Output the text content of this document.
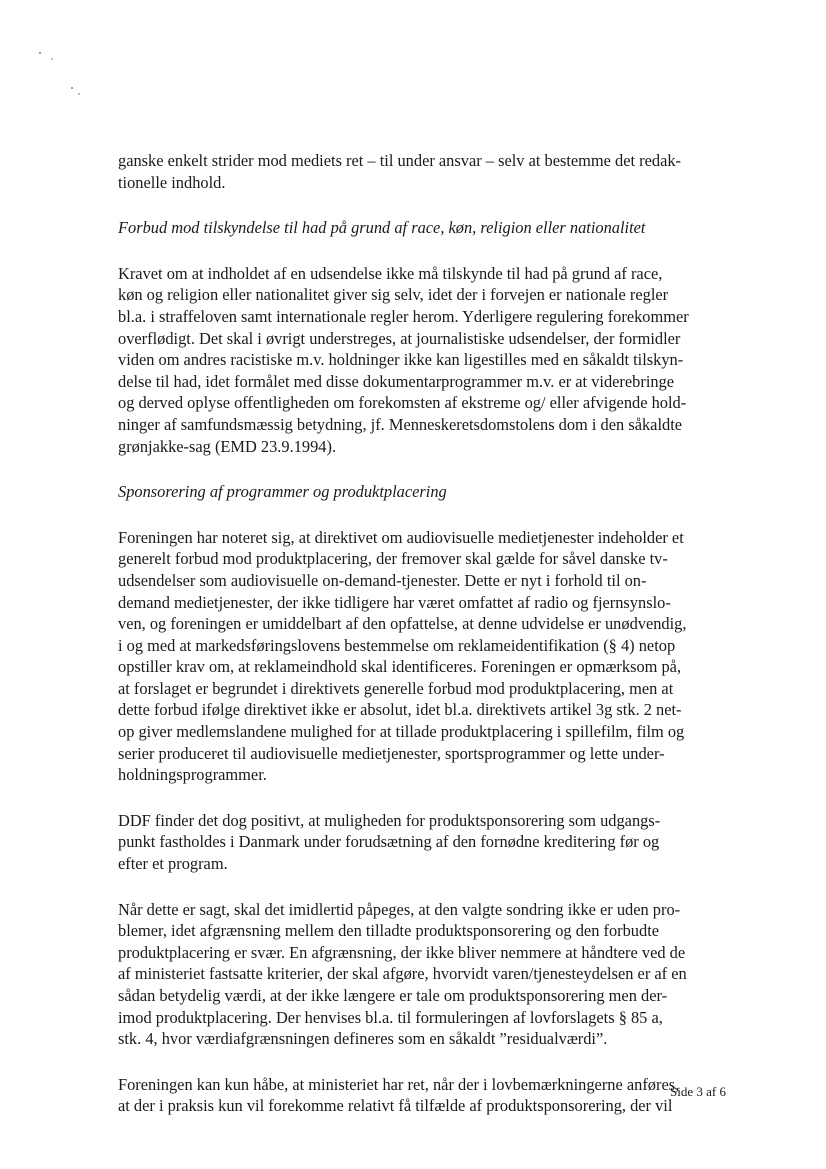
ganske enkelt strider mod mediets ret – til under ansvar – selv at bestemme det redak-
tionelle indhold.

Forbud mod tilskyndelse til had på grund af race, køn, religion eller nationalitet

Kravet om at indholdet af en udsendelse ikke må tilskynde til had på grund af race,
køn og religion eller nationalitet giver sig selv, idet der i forvejen er nationale regler
bl.a. i straffeloven samt internationale regler herom. Yderligere regulering forekommer
overflødigt. Det skal i øvrigt understreges, at journalistiske udsendelser, der formidler
viden om andres racistiske m.v. holdninger ikke kan ligestilles med en såkaldt tilskyn-
delse til had, idet formålet med disse dokumentarprogrammer m.v. er at viderebringe
og derved oplyse offentligheden om forekomsten af ekstreme og/ eller afvigende hold-
ninger af samfundsmæssig betydning, jf. Menneskeretsdomstolens dom i den såkaldte
grønjakke-sag (EMD 23.9.1994).

Sponsorering af programmer og produktplacering

Foreningen har noteret sig, at direktivet om audiovisuelle medietjenester indeholder et
generelt forbud mod produktplacering, der fremover skal gælde for såvel danske tv-
udsendelser som audiovisuelle on-demand-tjenester. Dette er nyt i forhold til on-
demand medietjenester, der ikke tidligere har været omfattet af radio og fjernsynslo-
ven, og foreningen er umiddelbart af den opfattelse, at denne udvidelse er unødvendig,
i og med at markedsføringslovens bestemmelse om reklameidentifikation (§ 4) netop
opstiller krav om, at reklameindhold skal identificeres. Foreningen er opmærksom på,
at forslaget er begrundet i direktivets generelle forbud mod produktplacering, men at
dette forbud ifølge direktivet ikke er absolut, idet bl.a. direktivets artikel 3g stk. 2 net-
op giver medlemslandene mulighed for at tillade produktplacering i spillefilm, film og
serier produceret til audiovisuelle medietjenester, sportsprogrammer og lette under-
holdningsprogrammer.

DDF finder det dog positivt, at muligheden for produktsponsorering som udgangs-
punkt fastholdes i Danmark under forudsætning af den fornødne kreditering før og
efter et program.

Når dette er sagt, skal det imidlertid påpeges, at den valgte sondring ikke er uden pro-
blemer, idet afgrænsning mellem den tilladte produktsponsorering og den forbudte
produktplacering er svær. En afgrænsning, der ikke bliver nemmere at håndtere ved de
af ministeriet fastsatte kriterier, der skal afgøre, hvorvidt varen/tjenesteydelsen er af en
sådan betydelig værdi, at der ikke længere er tale om produktsponsorering men der-
imod produktplacering. Der henvises bl.a. til formuleringen af lovforslagets § 85 a,
stk. 4, hvor værdiafgrænsningen defineres som en såkaldt ”residualværdi”.

Foreningen kan kun håbe, at ministeriet har ret, når der i lovbemærkningerne anføres,
at der i praksis kun vil forekomme relativt få tilfælde af produktsponsorering, der vil

Side 3 af 6
